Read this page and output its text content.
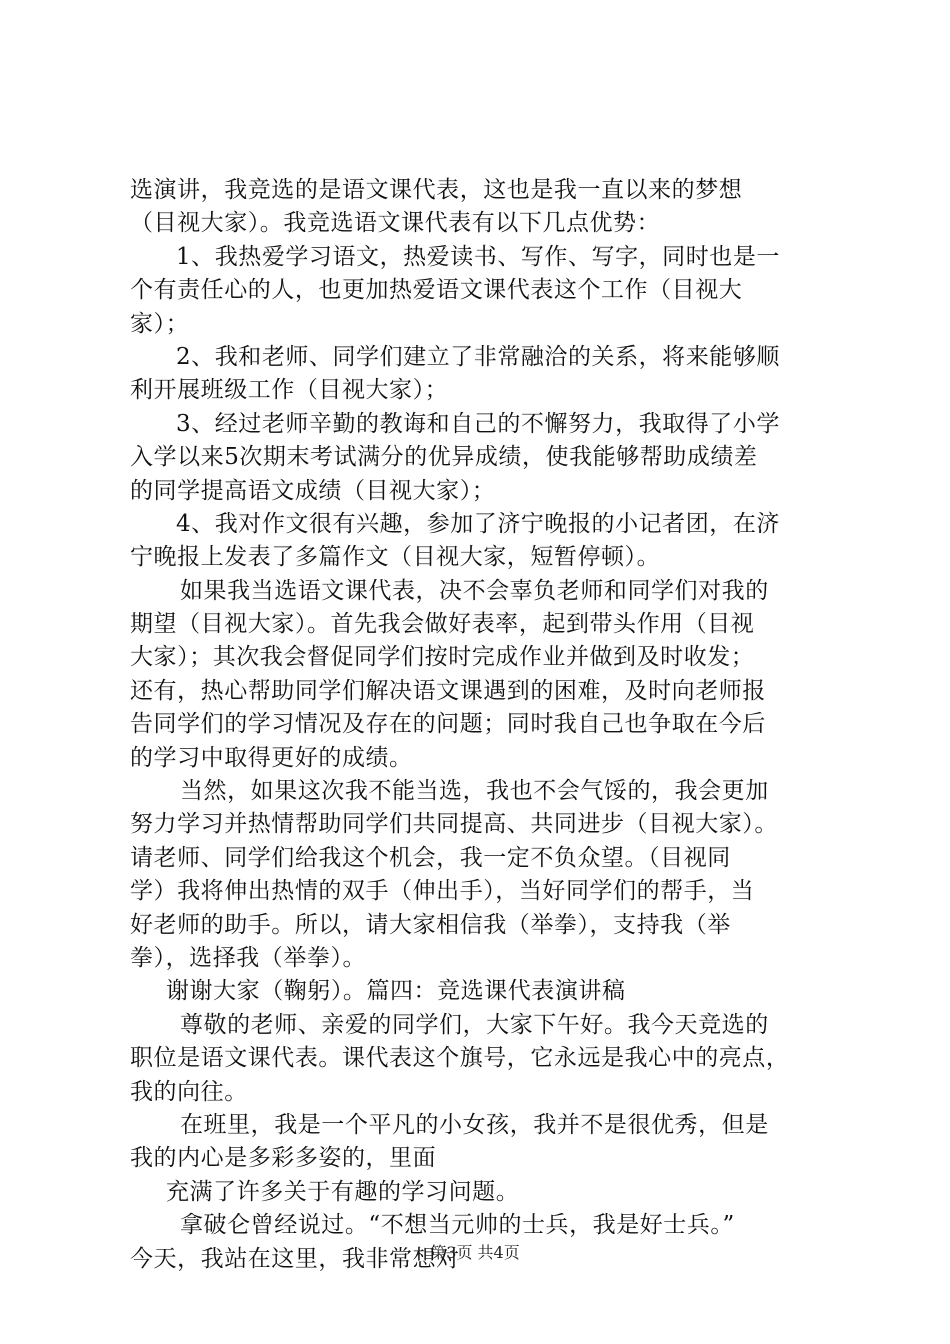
选演讲，我竞选的是语文课代表，这也是我一直以来的梦想
（目视大家）。我竞选语文课代表有以下几点优势：
1、我热爱学习语文，热爱读书、写作、写字，同时也是一
个有责任心的人，也更加热爱语文课代表这个工作（目视大
家）；
2、我和老师、同学们建立了非常融洽的关系，将来能够顺
利开展班级工作（目视大家）；
3、经过老师辛勤的教诲和自己的不懈努力，我取得了小学
入学以来5次期末考试满分的优异成绩，使我能够帮助成绩差
的同学提高语文成绩（目视大家）；
4、我对作文很有兴趣，参加了济宁晚报的小记者团，在济
宁晚报上发表了多篇作文（目视大家，短暂停顿）。
如果我当选语文课代表，决不会辜负老师和同学们对我的
期望（目视大家）。首先我会做好表率，起到带头作用（目视
大家）；其次我会督促同学们按时完成作业并做到及时收发；
还有，热心帮助同学们解决语文课遇到的困难，及时向老师报
告同学们的学习情况及存在的问题；同时我自己也争取在今后
的学习中取得更好的成绩。
当然，如果这次我不能当选，我也不会气馁的，我会更加
努力学习并热情帮助同学们共同提高、共同进步（目视大家）。
请老师、同学们给我这个机会，我一定不负众望。（目视同
学）我将伸出热情的双手（伸出手），当好同学们的帮手，当
好老师的助手。所以，请大家相信我（举拳），支持我（举
拳），选择我（举拳）。
谢谢大家（鞠躬）。篇四：竞选课代表演讲稿
尊敬的老师、亲爱的同学们，大家下午好。我今天竞选的
职位是语文课代表。课代表这个旗号，它永远是我心中的亮点，
我的向往。
在班里，我是一个平凡的小女孩，我并不是很优秀，但是
我的内心是多彩多姿的，里面
充满了许多关于有趣的学习问题。
拿破仑曾经说过。“不想当元帅的士兵，我是好士兵。”
今天，我站在这里，我非常想对
第3页 共4页
